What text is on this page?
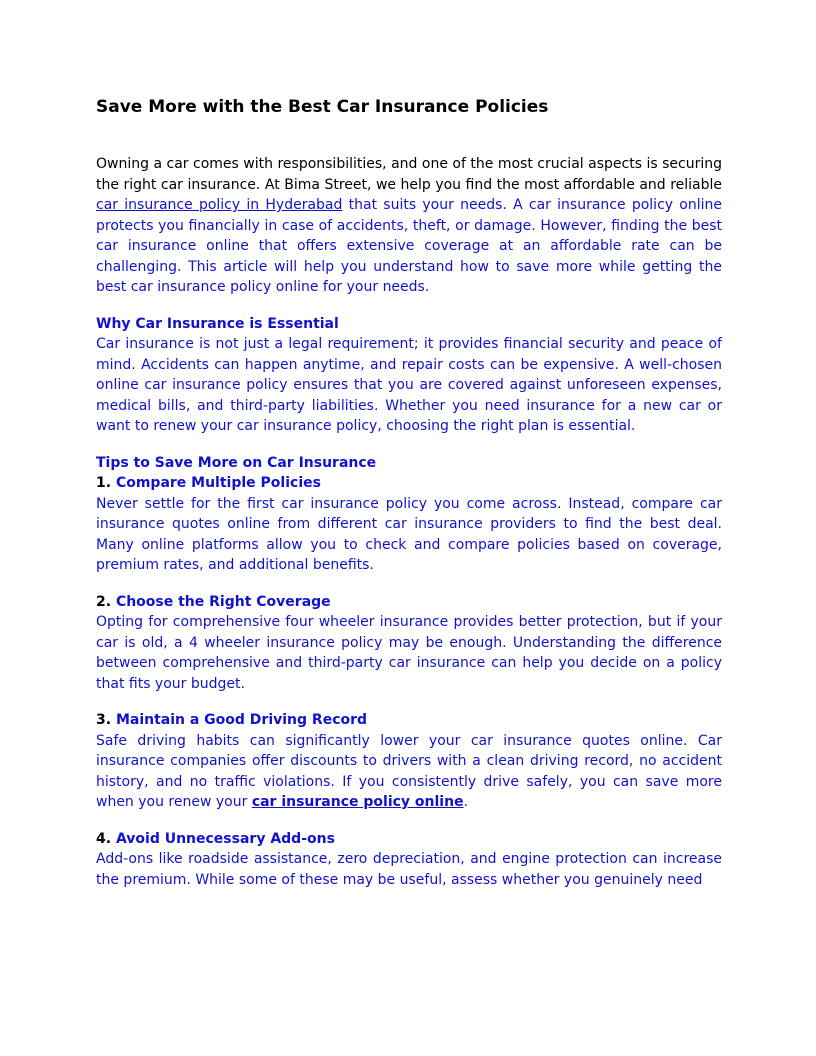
Save More with the Best Car Insurance Policies

Owning a car comes with responsibilities, and one of the most crucial aspects is securing the right car insurance. At Bima Street, we help you find the most affordable and reliable car insurance policy in Hyderabad that suits your needs. A car insurance policy online protects you financially in case of accidents, theft, or damage. However, finding the best car insurance online that offers extensive coverage at an affordable rate can be challenging. This article will help you understand how to save more while getting the best car insurance policy online for your needs.

Why Car Insurance is Essential

Car insurance is not just a legal requirement; it provides financial security and peace of mind. Accidents can happen anytime, and repair costs can be expensive. A well-chosen online car insurance policy ensures that you are covered against unforeseen expenses, medical bills, and third-party liabilities. Whether you need insurance for a new car or want to renew your car insurance policy, choosing the right plan is essential.

Tips to Save More on Car Insurance

1. Compare Multiple Policies

Never settle for the first car insurance policy you come across. Instead, compare car insurance quotes online from different car insurance providers to find the best deal. Many online platforms allow you to check and compare policies based on coverage, premium rates, and additional benefits.

2. Choose the Right Coverage

Opting for comprehensive four wheeler insurance provides better protection, but if your car is old, a 4 wheeler insurance policy may be enough. Understanding the difference between comprehensive and third-party car insurance can help you decide on a policy that fits your budget.

3. Maintain a Good Driving Record

Safe driving habits can significantly lower your car insurance quotes online. Car insurance companies offer discounts to drivers with a clean driving record, no accident history, and no traffic violations. If you consistently drive safely, you can save more when you renew your car insurance policy online.

4. Avoid Unnecessary Add-ons

Add-ons like roadside assistance, zero depreciation, and engine protection can increase the premium. While some of these may be useful, assess whether you genuinely need
